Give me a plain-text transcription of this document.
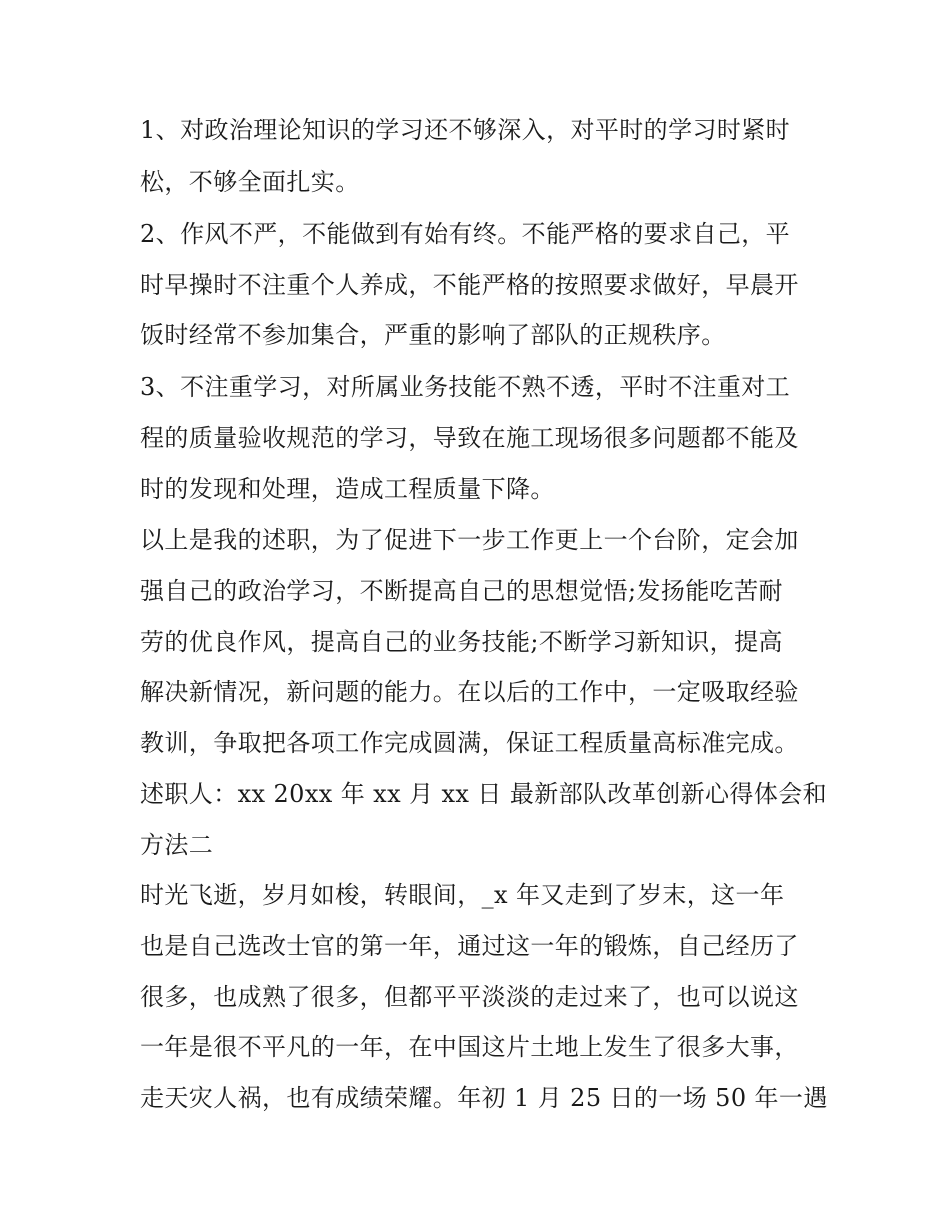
1、对政治理论知识的学习还不够深入，对平时的学习时紧时
松，不够全面扎实。
2、作风不严，不能做到有始有终。不能严格的要求自己，平
时早操时不注重个人养成，不能严格的按照要求做好，早晨开
饭时经常不参加集合，严重的影响了部队的正规秩序。
3、不注重学习，对所属业务技能不熟不透，平时不注重对工
程的质量验收规范的学习，导致在施工现场很多问题都不能及
时的发现和处理，造成工程质量下降。
以上是我的述职，为了促进下一步工作更上一个台阶，定会加
强自己的政治学习，不断提高自己的思想觉悟;发扬能吃苦耐
劳的优良作风，提高自己的业务技能;不断学习新知识，提高
解决新情况，新问题的能力。在以后的工作中，一定吸取经验
教训，争取把各项工作完成圆满，保证工程质量高标准完成。
述职人：xx 20xx 年 xx 月 xx 日 最新部队改革创新心得体会和
方法二
时光飞逝，岁月如梭，转眼间，_x 年又走到了岁末，这一年
也是自己选改士官的第一年，通过这一年的锻炼，自己经历了
很多，也成熟了很多，但都平平淡淡的走过来了，也可以说这
一年是很不平凡的一年，在中国这片土地上发生了很多大事，
走天灾人祸，也有成绩荣耀。年初 1 月 25 日的一场 50 年一遇
